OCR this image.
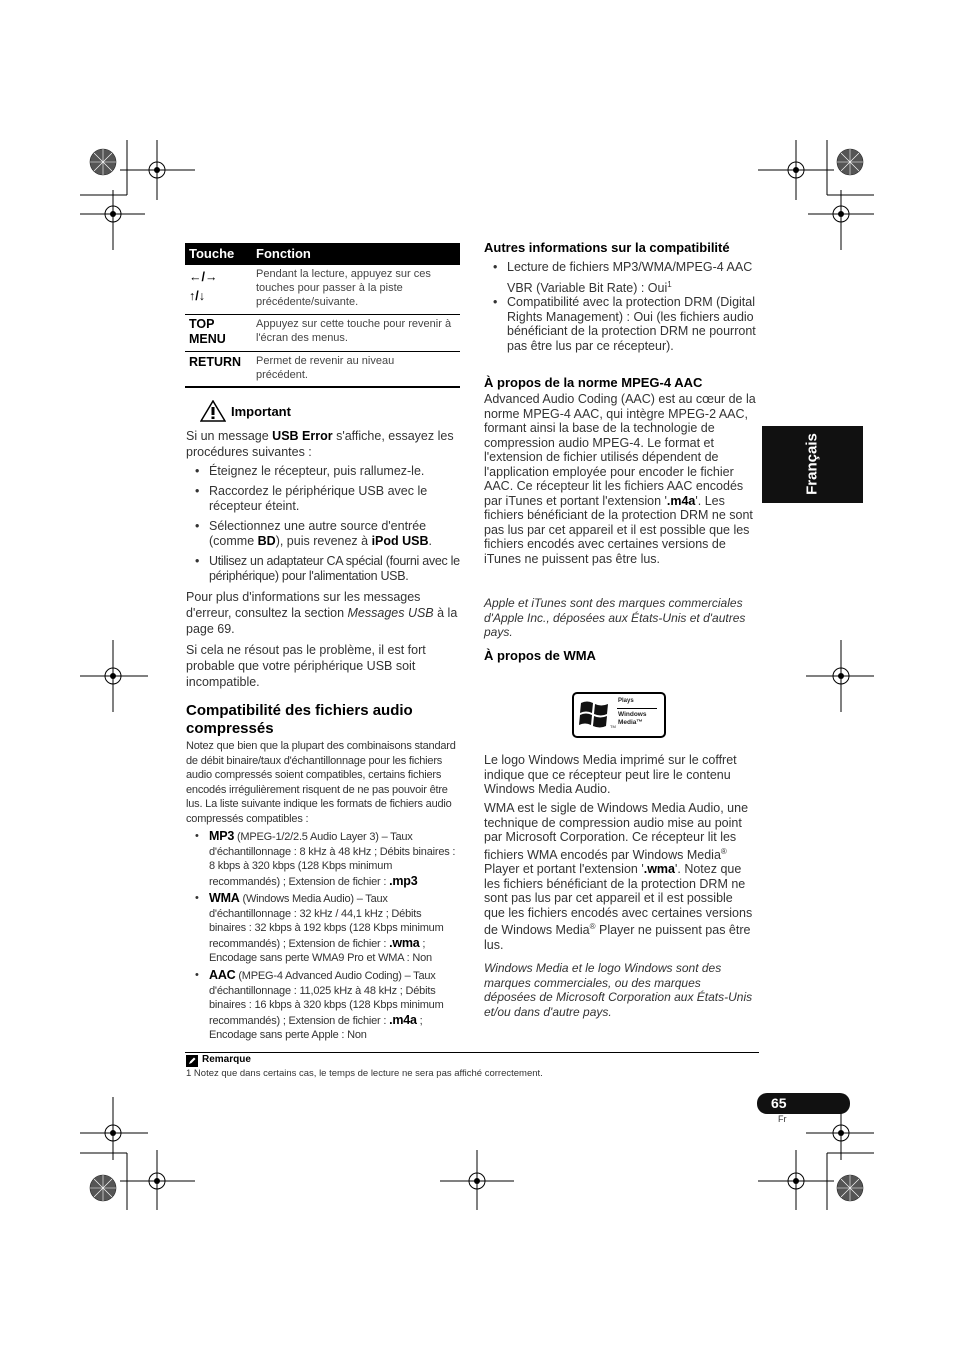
Touche Fonction
←/→
↑/↓
Pendant la lecture, appuyez sur ces touches pour passer à la piste précédente/suivante.
TOP
MENU
Appuyez sur cette touche pour revenir à l'écran des menus.
RETURN Permet de revenir au niveau précédent.
Important
Si un message USB Error s'affiche, essayez les procédures suivantes :
• Éteignez le récepteur, puis rallumez-le.
• Raccordez le périphérique USB avec le récepteur éteint.
• Sélectionnez une autre source d'entrée (comme BD), puis revenez à iPod USB.
• Utilisez un adaptateur CA spécial (fourni avec le périphérique) pour l'alimentation USB.
Pour plus d'informations sur les messages d'erreur, consultez la section Messages USB à la page 69.
Si cela ne résout pas le problème, il est fort probable que votre périphérique USB soit incompatible.
Compatibilité des fichiers audio compressés
Notez que bien que la plupart des combinaisons standard de débit binaire/taux d'échantillonnage pour les fichiers audio compressés soient compatibles, certains fichiers encodés irrégulièrement risquent de ne pas pouvoir être lus. La liste suivante indique les formats de fichiers audio compressés compatibles :
• MP3 (MPEG-1/2/2.5 Audio Layer 3) – Taux d'échantillonnage : 8 kHz à 48 kHz ; Débits binaires : 8 kbps à 320 kbps (128 Kbps minimum recommandés) ; Extension de fichier : .mp3
• WMA (Windows Media Audio) – Taux d'échantillonnage : 32 kHz / 44,1 kHz ; Débits binaires : 32 kbps à 192 kbps (128 Kbps minimum recommandés) ; Extension de fichier : .wma ; Encodage sans perte WMA9 Pro et WMA : Non
• AAC (MPEG-4 Advanced Audio Coding) – Taux d'échantillonnage : 11,025 kHz à 48 kHz ; Débits binaires : 16 kbps à 320 kbps (128 Kbps minimum recommandés) ; Extension de fichier : .m4a ; Encodage sans perte Apple : Non
Autres informations sur la compatibilité
• Lecture de fichiers MP3/WMA/MPEG-4 AAC VBR (Variable Bit Rate) : Oui$^1$
• Compatibilité avec la protection DRM (Digital Rights Management) : Oui (les fichiers audio bénéficiant de la protection DRM ne pourront pas être lus par ce récepteur).
À propos de la norme MPEG-4 AAC
Advanced Audio Coding (AAC) est au cœur de la norme MPEG-4 AAC, qui intègre MPEG-2 AAC, formant ainsi la base de la technologie de compression audio MPEG-4. Le format et l'extension de fichier utilisés dépendent de l'application employée pour encoder le fichier AAC. Ce récepteur lit les fichiers AAC encodés par iTunes et portant l'extension '.m4a'. Les fichiers bénéficiant de la protection DRM ne sont pas lus par cet appareil et il est possible que les fichiers encodés avec certaines versions de iTunes ne puissent pas être lus.
Apple et iTunes sont des marques commerciales d'Apple Inc., déposées aux États-Unis et d'autres pays.
À propos de WMA
TM
Plays
Windows
Media™
Le logo Windows Media imprimé sur le coffret indique que ce récepteur peut lire le contenu Windows Media Audio.
WMA est le sigle de Windows Media Audio, une technique de compression audio mise au point par Microsoft Corporation. Ce récepteur lit les fichiers WMA encodés par Windows Media® Player et portant l'extension '.wma'. Notez que les fichiers bénéficiant de la protection DRM ne sont pas lus par cet appareil et il est possible que les fichiers encodés avec certaines versions de Windows Media® Player ne puissent pas être lus.
Windows Media et le logo Windows sont des marques commerciales, ou des marques déposées de Microsoft Corporation aux États-Unis et/ou dans d'autre pays.
Français
Remarque
1 Notez que dans certains cas, le temps de lecture ne sera pas affiché correctement.
65
Fr
